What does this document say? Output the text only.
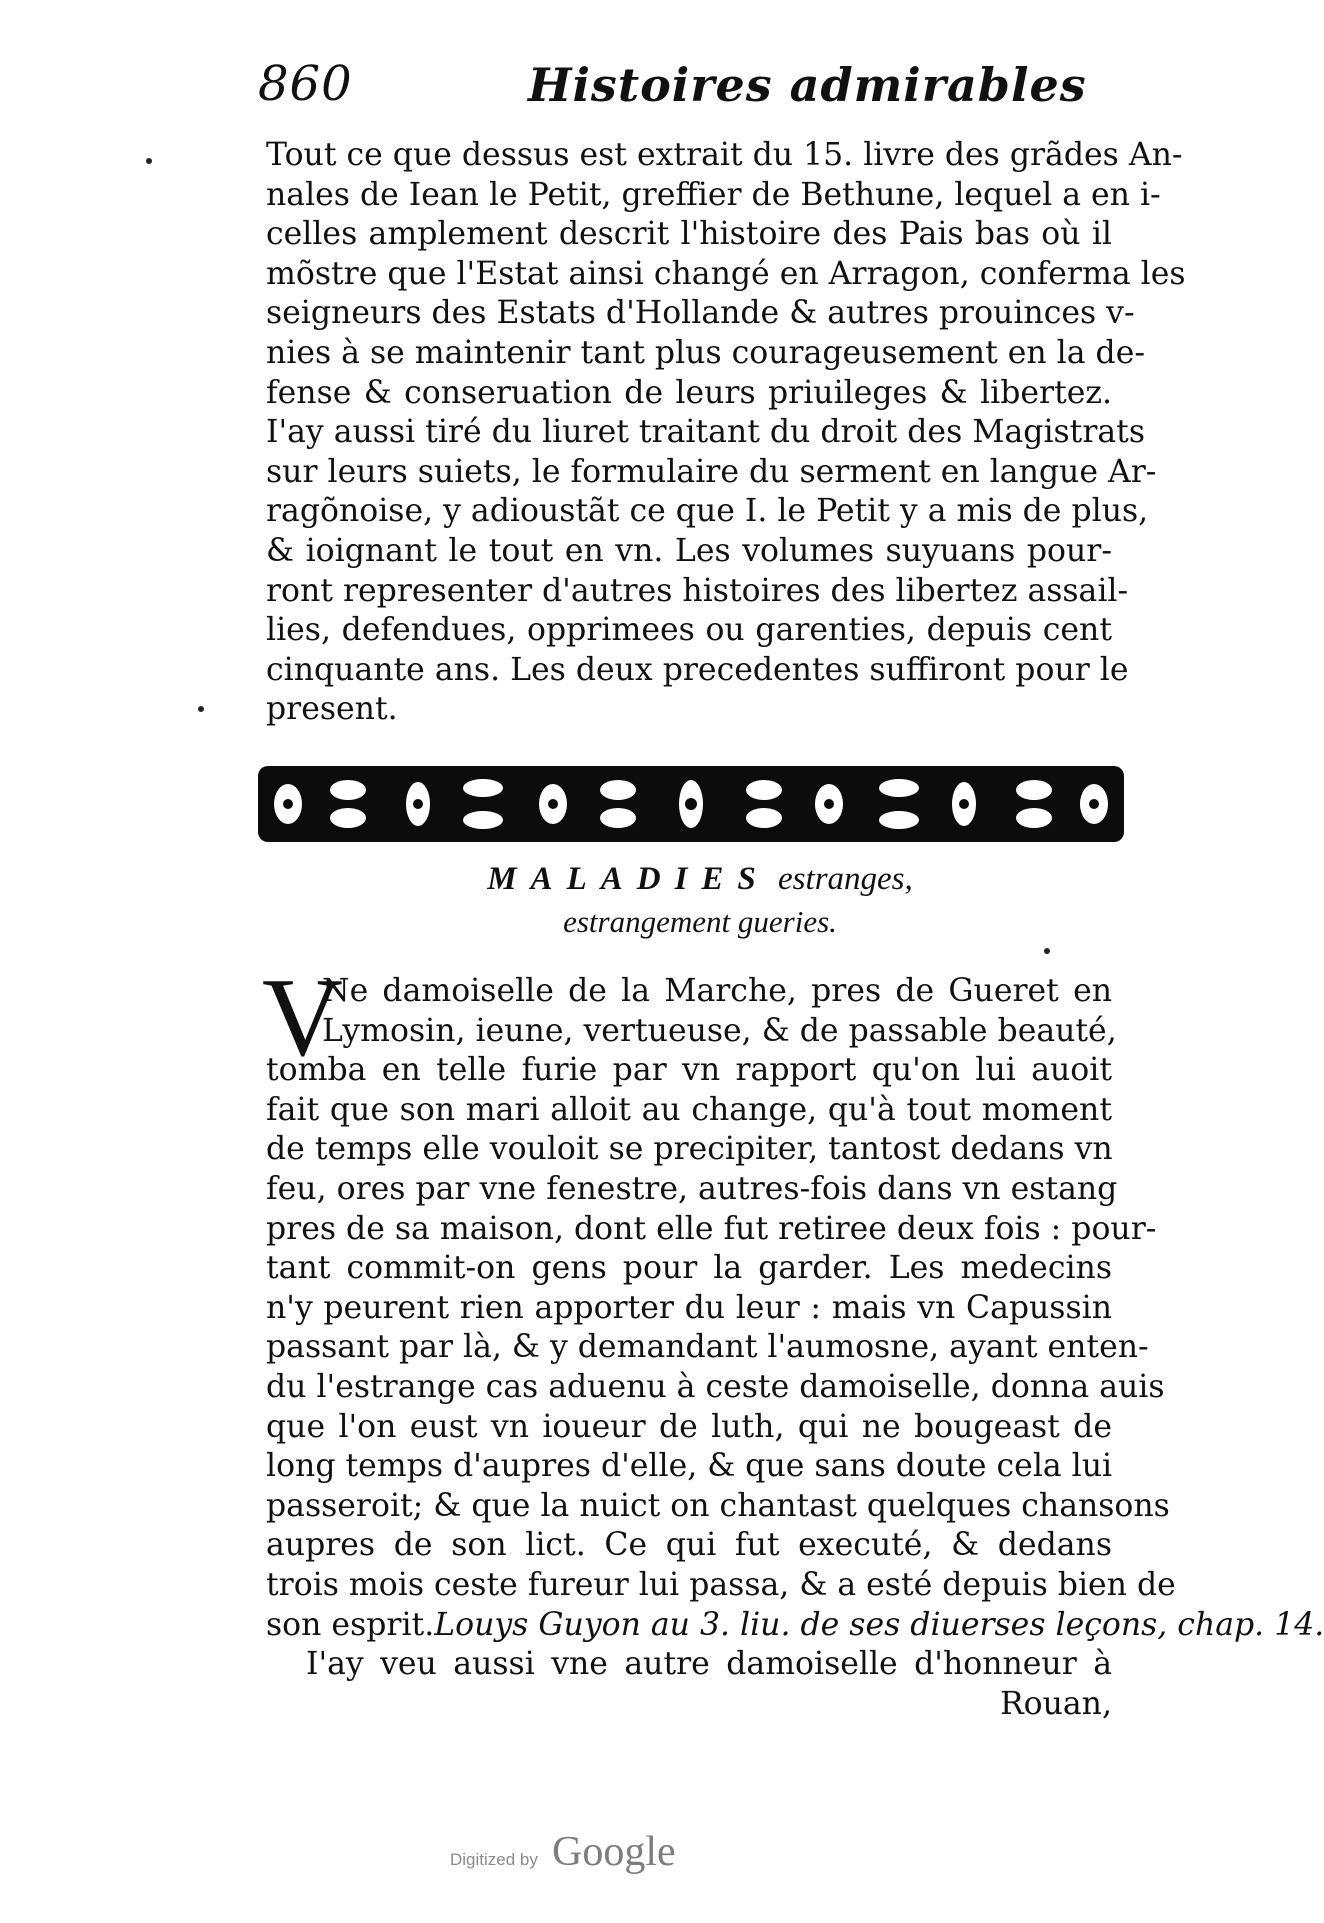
860	Histoires admirables
Tout ce que dessus est extrait du 15. livre des grãdes An-
nales de Iean le Petit, greffier de Bethune, lequel a en i-
celles amplement descrit l'histoire des Pais bas où il
mõstre que l'Estat ainsi changé en Arragon, conferma les
seigneurs des Estats d'Hollande & autres prouinces v-
nies à se maintenir tant plus courageusement en la de-
fense & conseruation de leurs priuileges & libertez.
I'ay aussi tiré du liuret traitant du droit des Magistrats
sur leurs suiets, le formulaire du serment en langue Ar-
ragõnoise, y adioustãt ce que I. le Petit y a mis de plus,
& ioignant le tout en vn. Les volumes suyuans pour-
ront representer d'autres histoires des libertez assail-
lies, defendues, opprimees ou garenties, depuis cent
cinquante ans. Les deux precedentes suffiront pour le
present.
MALADIES estranges,
estrangement gueries.
V
Ne damoiselle de la Marche, pres de Gueret en
Lymosin, ieune, vertueuse, & de passable beauté,
tomba en telle furie par vn rapport qu'on lui auoit
fait que son mari alloit au change, qu'à tout moment
de temps elle vouloit se precipiter, tantost dedans vn
feu, ores par vne fenestre, autres-fois dans vn estang
pres de sa maison, dont elle fut retiree deux fois : pour-
tant commit-on gens pour la garder. Les medecins
n'y peurent rien apporter du leur : mais vn Capussin
passant par là, & y demandant l'aumosne, ayant enten-
du l'estrange cas aduenu à ceste damoiselle, donna auis
que l'on eust vn ioueur de luth, qui ne bougeast de
long temps d'aupres d'elle, & que sans doute cela lui
passeroit; & que la nuict on chantast quelques chansons
aupres de son lict. Ce qui fut executé, & dedans
trois mois ceste fureur lui passa, & a esté depuis bien de
son esprit.Louys Guyon au 3. liu. de ses diuerses leçons, chap. 14.
I'ay veu aussi vne autre damoiselle d'honneur à
Rouan,
Digitized by Google
